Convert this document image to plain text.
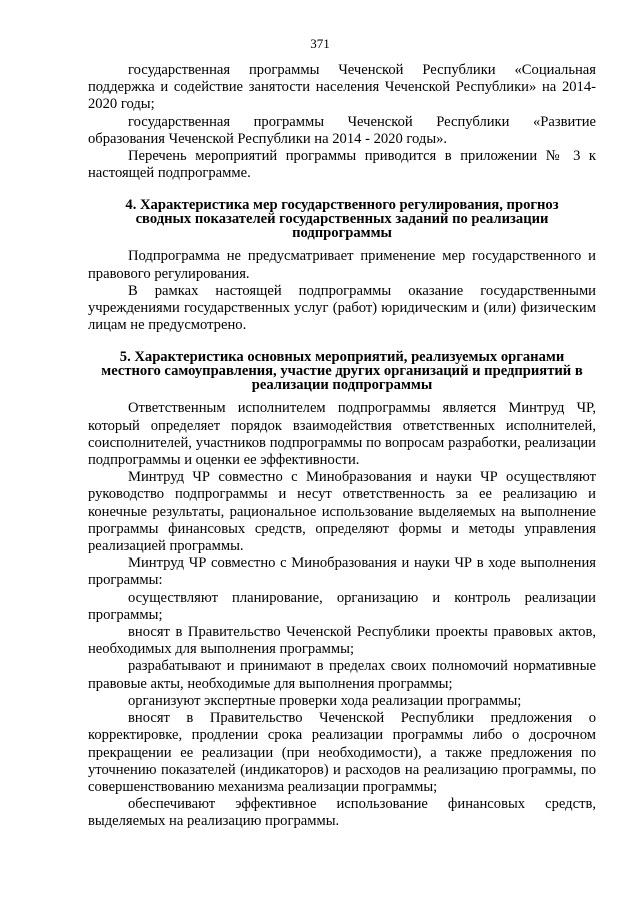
371

государственная программы Чеченской Республики «Социальная поддержка и содействие занятости населения Чеченской Республики» на 2014-2020 годы;

государственная программы Чеченской Республики «Развитие образования Чеченской Республики на 2014 - 2020 годы».

Перечень мероприятий программы приводится в приложении № 3 к настоящей подпрограмме.

4. Характеристика мер государственного регулирования, прогноз
сводных показателей государственных заданий по реализации
подпрограммы

Подпрограмма не предусматривает применение мер государственного и правового регулирования.

В рамках настоящей подпрограммы оказание государственными учреждениями государственных услуг (работ) юридическим и (или) физическим лицам не предусмотрено.

5. Характеристика основных мероприятий, реализуемых органами
местного самоуправления, участие других организаций и предприятий в
реализации подпрограммы

Ответственным исполнителем подпрограммы является Минтруд ЧР, который определяет порядок взаимодействия ответственных исполнителей, соисполнителей, участников подпрограммы по вопросам разработки, реализации подпрограммы и оценки ее эффективности.

Минтруд ЧР совместно с Минобразования и науки ЧР осуществляют руководство подпрограммы и несут ответственность за ее реализацию и конечные результаты, рациональное использование выделяемых на выполнение программы финансовых средств, определяют формы и методы управления реализацией программы.

Минтруд ЧР совместно с Минобразования и науки ЧР в ходе выполнения программы:

осуществляют планирование, организацию и контроль реализации программы;

вносят в Правительство Чеченской Республики проекты правовых актов, необходимых для выполнения программы;

разрабатывают и принимают в пределах своих полномочий нормативные правовые акты, необходимые для выполнения программы;

организуют экспертные проверки хода реализации программы;

вносят в Правительство Чеченской Республики предложения о корректировке, продлении срока реализации программы либо о досрочном прекращении ее реализации (при необходимости), а также предложения по уточнению показателей (индикаторов) и расходов на реализацию программы, по совершенствованию механизма реализации программы;

обеспечивают эффективное использование финансовых средств, выделяемых на реализацию программы.
